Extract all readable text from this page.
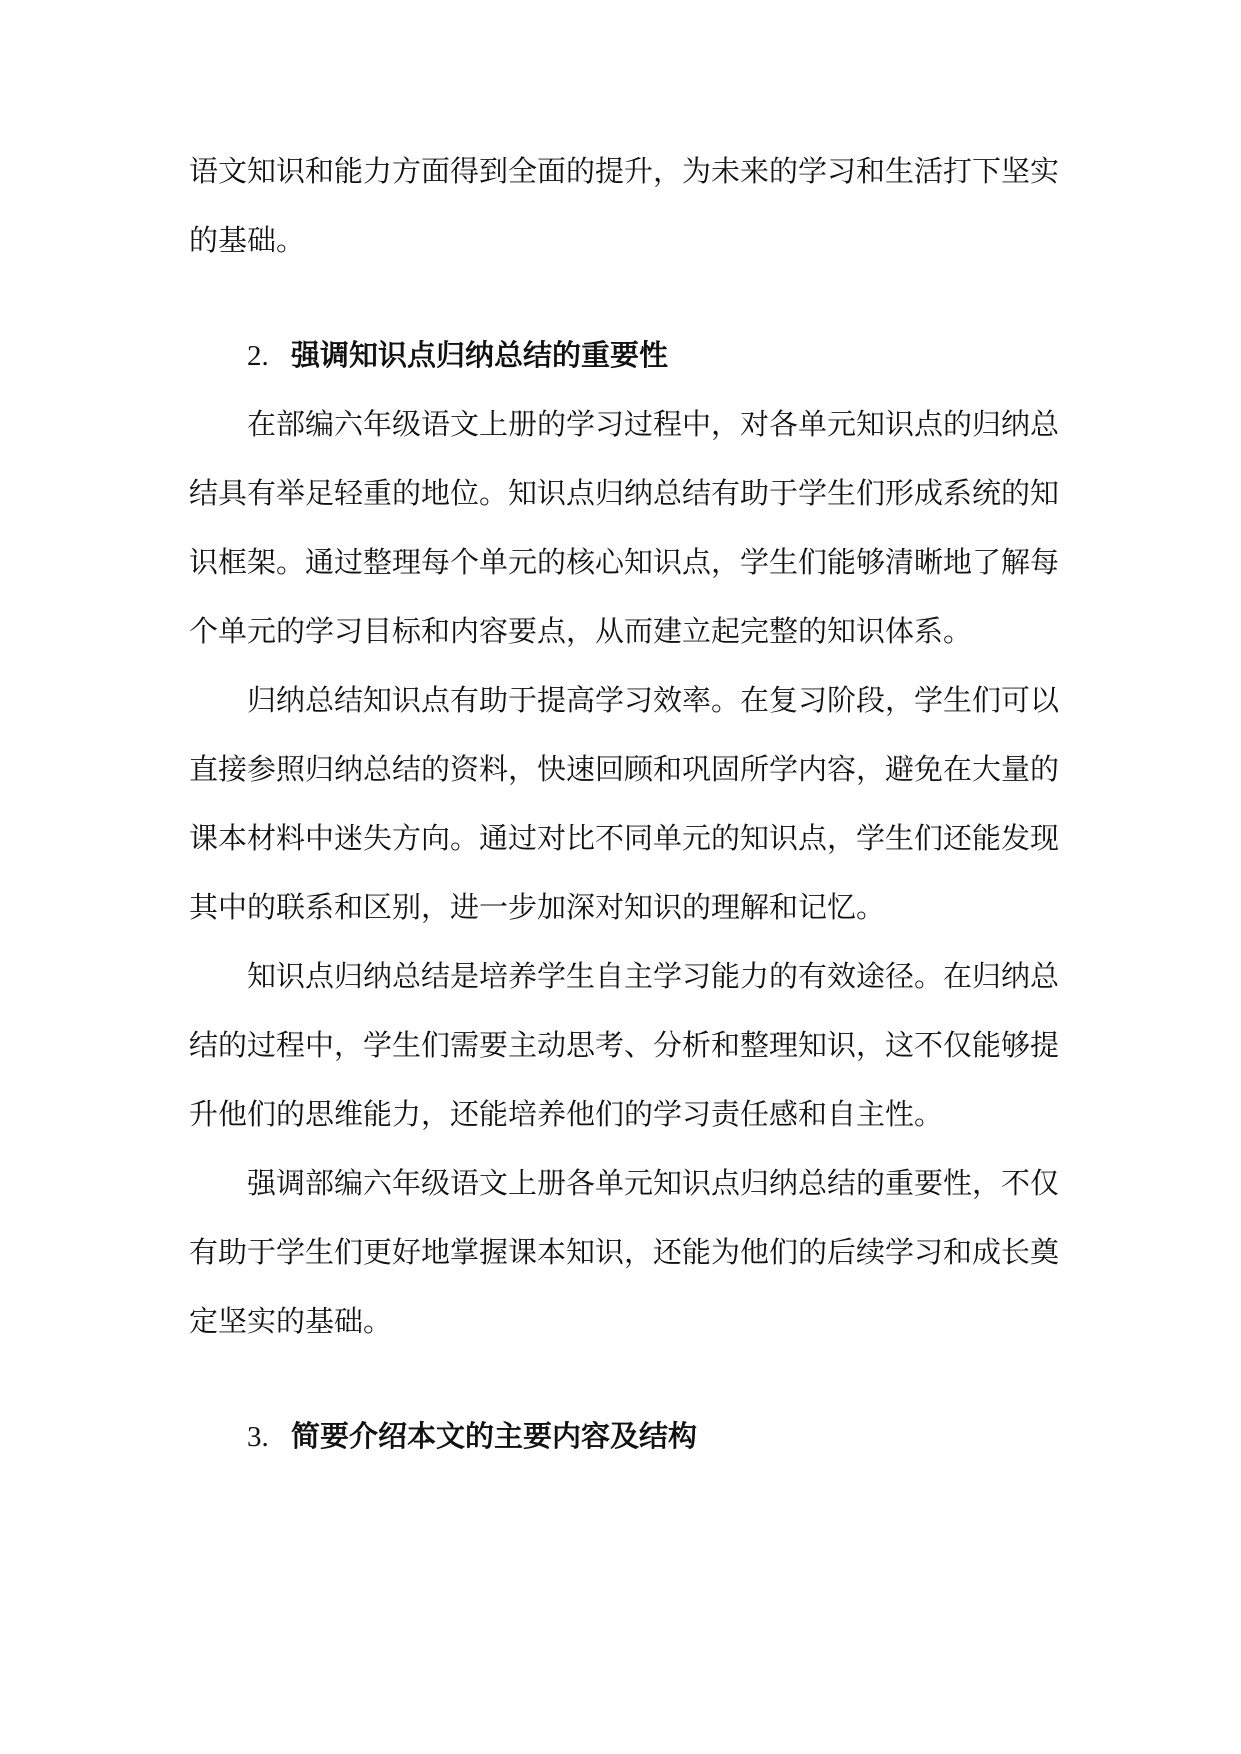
语文知识和能力方面得到全面的提升，为未来的学习和生活打下坚实
的基础。
2. 强调知识点归纳总结的重要性
在部编六年级语文上册的学习过程中，对各单元知识点的归纳总
结具有举足轻重的地位。知识点归纳总结有助于学生们形成系统的知
识框架。通过整理每个单元的核心知识点，学生们能够清晰地了解每
个单元的学习目标和内容要点，从而建立起完整的知识体系。
归纳总结知识点有助于提高学习效率。在复习阶段，学生们可以
直接参照归纳总结的资料，快速回顾和巩固所学内容，避免在大量的
课本材料中迷失方向。通过对比不同单元的知识点，学生们还能发现
其中的联系和区别，进一步加深对知识的理解和记忆。
知识点归纳总结是培养学生自主学习能力的有效途径。在归纳总
结的过程中，学生们需要主动思考、分析和整理知识，这不仅能够提
升他们的思维能力，还能培养他们的学习责任感和自主性。
强调部编六年级语文上册各单元知识点归纳总结的重要性，不仅
有助于学生们更好地掌握课本知识，还能为他们的后续学习和成长奠
定坚实的基础。
3. 简要介绍本文的主要内容及结构
